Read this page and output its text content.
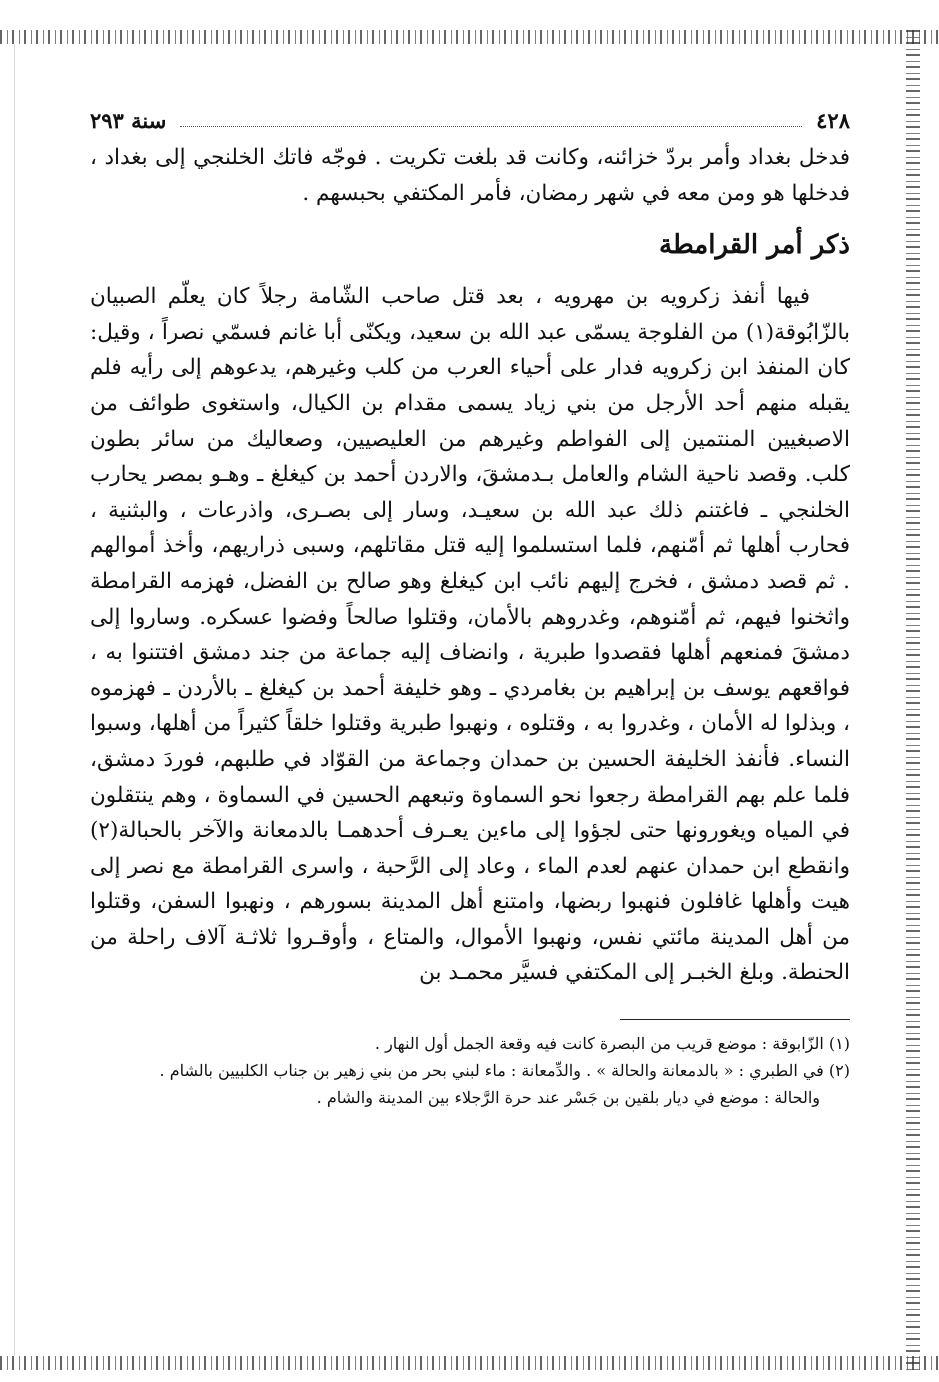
٤٢٨
سنة ٢٩٣

فدخل بغداد وأمر بردّ خزائنه، وكانت قد بلغت تكريت . فوجّه فاتك الخلنجي إلى بغداد ، فدخلها هو ومن معه في شهر رمضان، فأمر المكتفي بحبسهم .

ذكر أمر القرامطة

فيها أنفذ زكرويه بن مهرويه ، بعد قتل صاحب الشّامة رجلاً كان يعلّم الصبيان بالزّابُوقة(١) من الفلوجة يسمّى عبد الله بن سعيد، ويكنّى أبا غانم فسمّي نصراً ، وقيل: كان المنفذ ابن زكرويه فدار على أحياء العرب من كلب وغيرهم، يدعوهم إلى رأيه فلم يقبله منهم أحد الأرجل من بني زياد يسمى مقدام بن الكيال، واستغوى طوائف من الاصبغيين المنتمين إلى الفواطم وغيرهم من العليصيين، وصعاليك من سائر بطون كلب. وقصد ناحية الشام والعامل بـدمشقَ، والاردن أحمد بن كيغلغ ـ وهـو بمصر يحارب الخلنجي ـ فاغتنم ذلك عبد الله بن سعيـد، وسار إلى بصـرى، واذرعات ، والبثنية ، فحارب أهلها ثم أمّنهم، فلما استسلموا إليه قتل مقاتلهم، وسبى ذراريهم، وأخذ أموالهم . ثم قصد دمشق ، فخرج إليهم نائب ابن كيغلغ وهو صالح بن الفضل، فهزمه القرامطة واثخنوا فيهم، ثم أمّنوهم، وغدروهم بالأمان، وقتلوا صالحاً وفضوا عسكره. وساروا إلى دمشقَ فمنعهم أهلها فقصدوا طبرية ، وانضاف إليه جماعة من جند دمشق افتتنوا به ، فواقعهم يوسف بن إبراهيم بن بغامردي ـ وهو خليفة أحمد بن كيغلغ ـ بالأردن ـ فهزموه ، وبذلوا له الأمان ، وغدروا به ، وقتلوه ، ونهبوا طبرية وقتلوا خلقاً كثيراً من أهلها، وسبوا النساء. فأنفذ الخليفة الحسين بن حمدان وجماعة من القوّاد في طلبهم، فوردَ دمشق، فلما علم بهم القرامطة رجعوا نحو السماوة وتبعهم الحسين في السماوة ، وهم ينتقلون في المياه ويغورونها حتى لجؤوا إلى ماءين يعـرف أحدهمـا بالدمعانة والآخر بالحبالة(٢) وانقطع ابن حمدان عنهم لعدم الماء ، وعاد إلى الرَّحبة ، واسرى القرامطة مع نصر إلى هيت وأهلها غافلون فنهبوا ربضها، وامتنع أهل المدينة بسورهم ، ونهبوا السفن، وقتلوا من أهل المدينة مائتي نفس، ونهبوا الأموال، والمتاع ، وأوقـروا ثلاثـة آلاف راحلة من الحنطة. وبلغ الخبـر إلى المكتفي فسيَّر محمـد بن

(١) الزّابوقة : موضع قريب من البصرة كانت فيه وقعة الجمل أول النهار .

(٢) في الطبري : « بالدمعانة والحالة » . والدِّمعانة : ماء لبني بحر من بني زهير بن جناب الكلبيين بالشام .

والحالة : موضع في ديار بلقين بن جَسْر عند حرة الرَّجلاء بين المدينة والشام .
